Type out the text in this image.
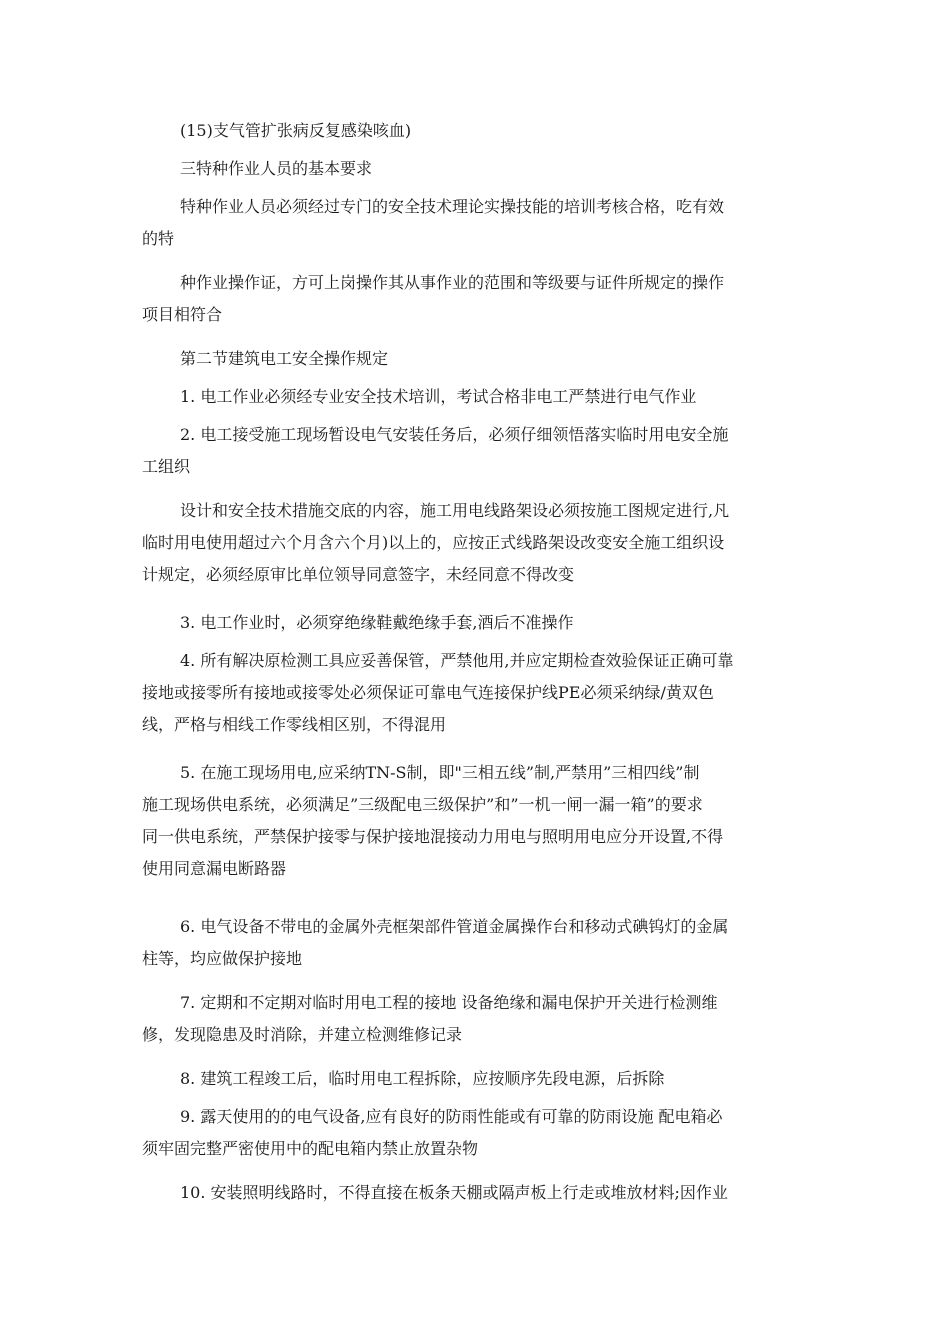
(15)支气管扩张病反复感染咳血)
三特种作业人员的基本要求
特种作业人员必须经过专门的安全技术理论实操技能的培训考核合格，吃有效
的特
种作业操作证，方可上岗操作其从事作业的范围和等级要与证件所规定的操作
项目相符合
第二节建筑电工安全操作规定
1. 电工作业必须经专业安全技术培训，考试合格非电工严禁进行电气作业
2. 电工接受施工现场暂设电气安装任务后，必须仔细领悟落实临时用电安全施
工组织
设计和安全技术措施交底的内容，施工用电线路架设必须按施工图规定进行,凡
临时用电使用超过六个月含六个月)以上的，应按正式线路架设改变安全施工组织设
计规定，必须经原审比单位领导同意签字，未经同意不得改变
3. 电工作业时，必须穿绝缘鞋戴绝缘手套,酒后不准操作
4. 所有解决原检测工具应妥善保管，严禁他用,并应定期检查效验保证正确可靠
接地或接零所有接地或接零处必须保证可靠电气连接保护线PE必须采纳绿/黄双色
线，严格与相线工作零线相区别，不得混用
5. 在施工现场用电,应采纳TN-S制，即"三相五线”制,严禁用”三相四线”制
施工现场供电系统，必须满足”三级配电三级保护”和”一机一闸一漏一箱”的要求
同一供电系统，严禁保护接零与保护接地混接动力用电与照明用电应分开设置,不得
使用同意漏电断路器
6. 电气设备不带电的金属外壳框架部件管道金属操作台和移动式碘钨灯的金属
柱等，均应做保护接地
7. 定期和不定期对临时用电工程的接地 设备绝缘和漏电保护开关进行检测维
修，发现隐患及时消除，并建立检测维修记录
8. 建筑工程竣工后，临时用电工程拆除，应按顺序先段电源，后拆除
9. 露天使用的的电气设备,应有良好的防雨性能或有可靠的防雨设施 配电箱必
须牢固完整严密使用中的配电箱内禁止放置杂物
10. 安装照明线路时，不得直接在板条天棚或隔声板上行走或堆放材料;因作业
